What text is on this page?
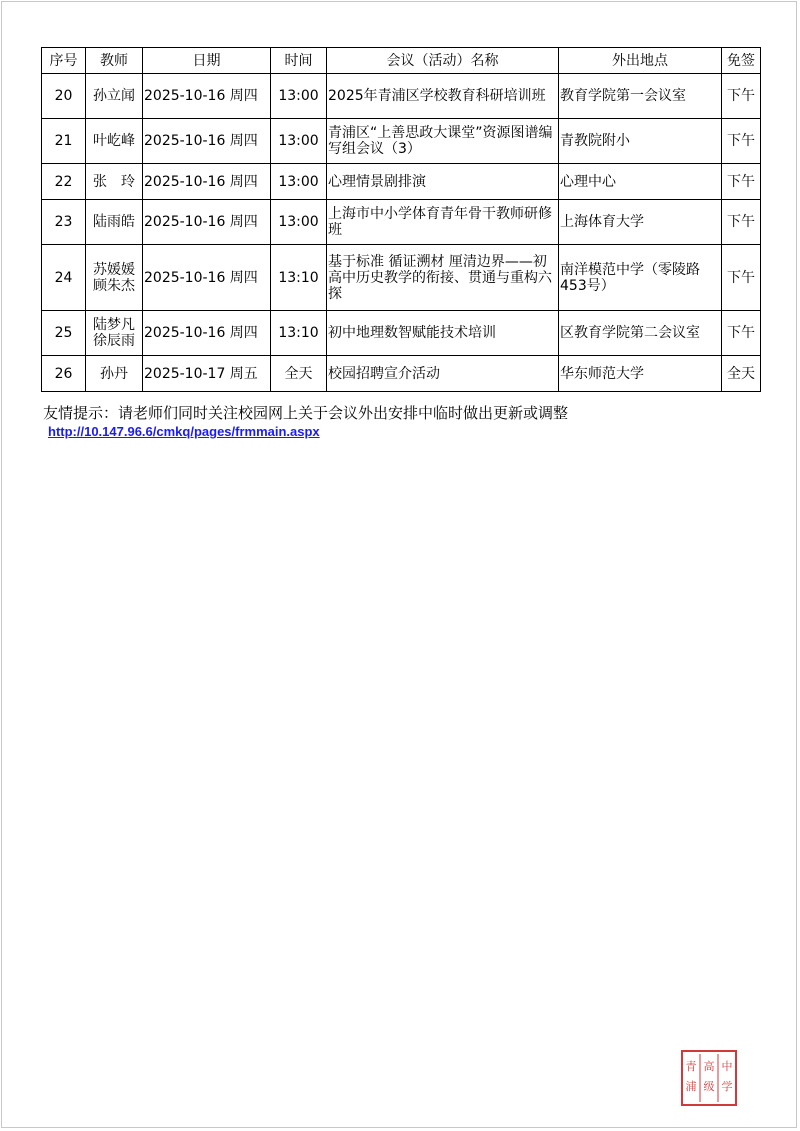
序号	教师	日期	时间	会议（活动）名称	外出地点	免签
20	孙立闻	2025-10-16 周四	13:00	2025年青浦区学校教育科研培训班	教育学院第一会议室	下午
21	叶屹峰	2025-10-16 周四	13:00	青浦区“上善思政大课堂”资源图谱编写组会议（3）	青教院附小	下午
22	张　玲	2025-10-16 周四	13:00	心理情景剧排演	心理中心	下午
23	陆雨皓	2025-10-16 周四	13:00	上海市中小学体育青年骨干教师研修班	上海体育大学	下午
24	苏媛媛 顾朱杰	2025-10-16 周四	13:10	基于标准 循证溯材 厘清边界——初高中历史教学的衔接、贯通与重构六探	南洋模范中学（零陵路453号）	下午
25	陆梦凡 徐辰雨	2025-10-16 周四	13:10	初中地理数智赋能技术培训	区教育学院第二会议室	下午
26	孙丹	2025-10-17 周五	全天	校园招聘宣介活动	华东师范大学	全天
友情提示：请老师们同时关注校园网上关于会议外出安排中临时做出更新或调整
http://10.147.96.6/cmkq/pages/frmmain.aspx
青
浦
高
级
中
学
